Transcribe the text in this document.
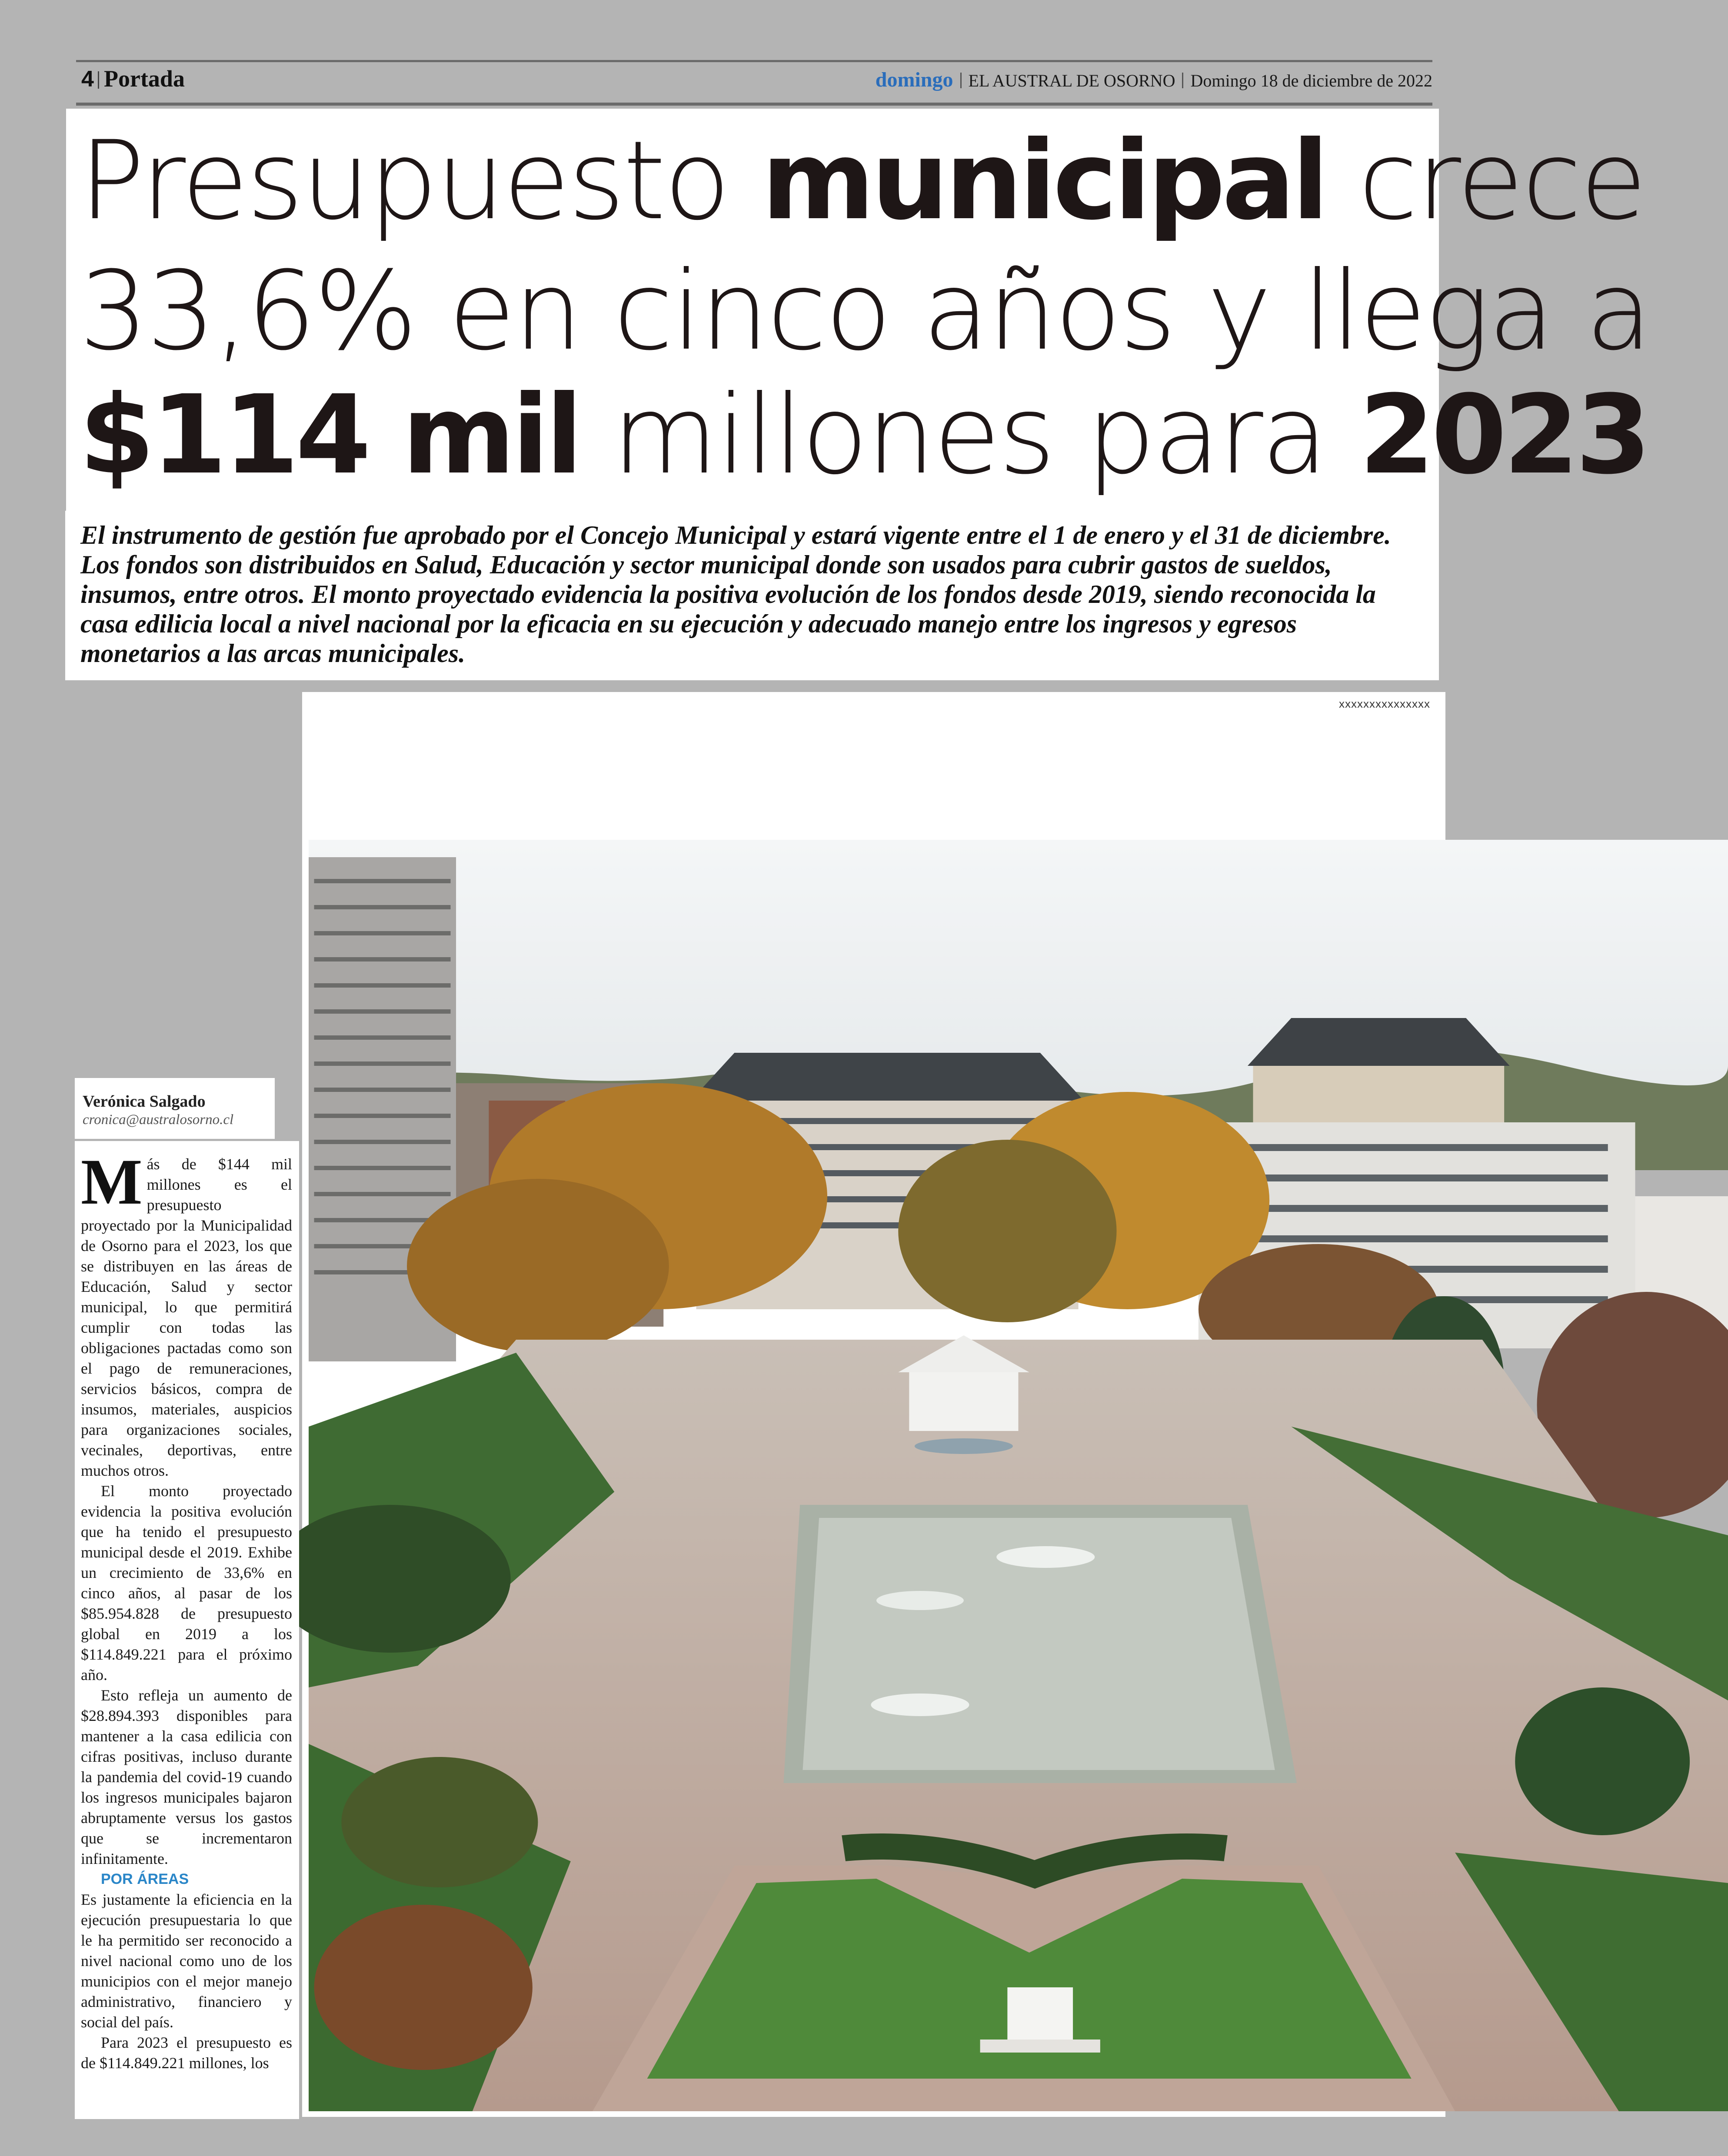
4 Portada	domingo EL AUSTRAL DE OSORNO Domingo 18 de diciembre de 2022
Presupuesto municipal crece
33,6% en cinco años y llega a
$114 mil millones para 2023
El instrumento de gestión fue aprobado por el Concejo Municipal y estará vigente entre el 1 de enero y el 31 de diciembre. Los fondos son distribuidos en Salud, Educación y sector municipal donde son usados para cubrir gastos de sueldos, insumos, entre otros. El monto proyectado evidencia la positiva evolución de los fondos desde 2019, siendo reconocida la casa edilicia local a nivel nacional por la eficacia en su ejecución y adecuado manejo entre los ingresos y egresos monetarios a las arcas municipales.
xxxxxxxxxxxxxxx
Verónica Salgado
cronica@australosorno.cl

Más de $144 mil millones es el presupuesto proyectado por la Municipalidad de Osorno para el 2023, los que se distribuyen en las áreas de Educación, Salud y sector municipal, lo que permitirá cumplir con todas las obligaciones pactadas como son el pago de remuneraciones, servicios básicos, compra de insumos, materiales, auspicios para organizaciones sociales, vecinales, deportivas, entre muchos otros.

El monto proyectado evidencia la positiva evolución que ha tenido el presupuesto municipal desde el 2019. Exhibe un crecimiento de 33,6% en cinco años, al pasar de los $85.954.828 de presupuesto global en 2019 a los $114.849.221 para el próximo año.

Esto refleja un aumento de $28.894.393 disponibles para mantener a la casa edilicia con cifras positivas, incluso durante la pandemia del covid-19 cuando los ingresos municipales bajaron abruptamente versus los gastos que se incrementaron infinitamente.

POR ÁREAS

Es justamente la eficiencia en la ejecución presupuestaria lo que le ha permitido ser reconocido a nivel nacional como uno de los municipios con el mejor manejo administrativo, financiero y social del país.

Para 2023 el presupuesto es de $114.849.221 millones, los
